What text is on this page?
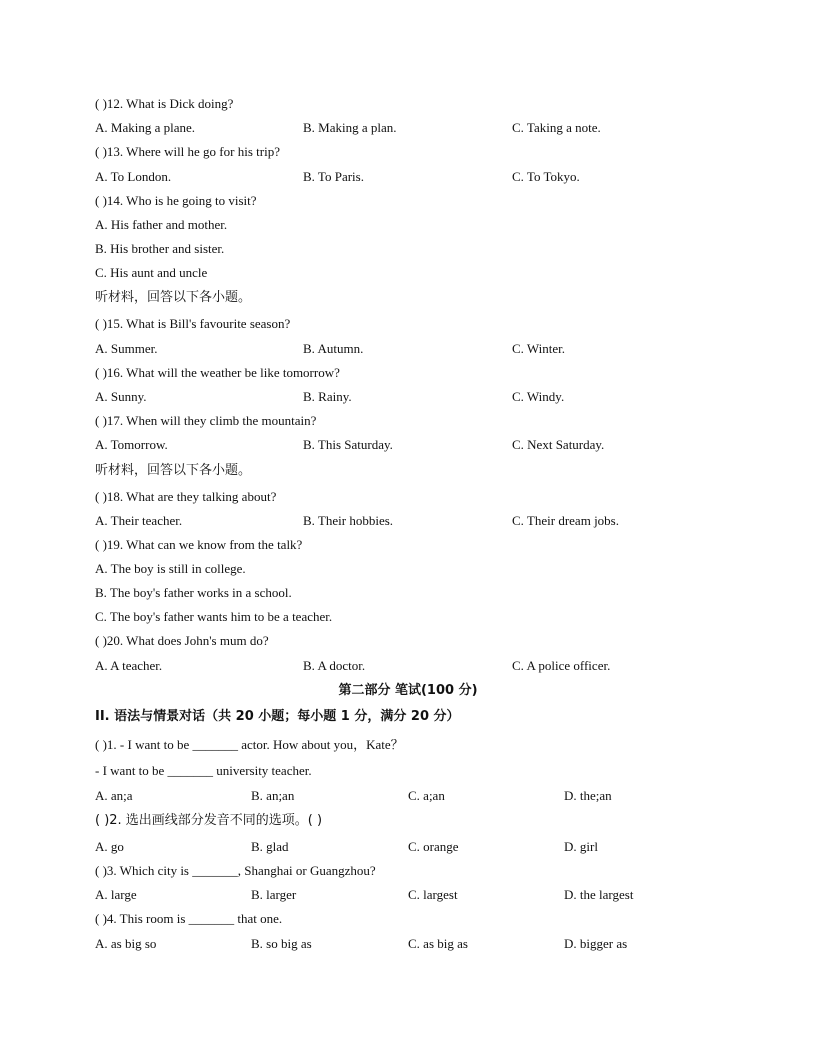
( )12. What is Dick doing?
A. Making a plane.	B. Making a plan.	C. Taking a note.
( )13. Where will he go for his trip?
A. To London.	B. To Paris.	C. To Tokyo.
( )14. Who is he going to visit?
A. His father and mother.
B. His brother and sister.
C. His aunt and uncle
听材料，回答以下各小题。
( )15. What is Bill's favourite season?
A. Summer.	B. Autumn.	C. Winter.
( )16. What will the weather be like tomorrow?
A. Sunny.	B. Rainy.	C. Windy.
( )17. When will they climb the mountain?
A. Tomorrow.	B. This Saturday.	C. Next Saturday.
听材料，回答以下各小题。
( )18. What are they talking about?
A. Their teacher.	B. Their hobbies.	C. Their dream jobs.
( )19. What can we know from the talk?
A. The boy is still in college.
B. The boy's father works in a school.
C. The boy's father wants him to be a teacher.
( )20. What does John's mum do?
A. A teacher.	B. A doctor.	C. A police officer.
第二部分 笔试(100 分)
II. 语法与情景对话（共 20 小题；每小题 1 分，满分 20 分）
( )1. - I want to be _______ actor. How about you，Kate？
- I want to be _______ university teacher.
A. an;a	B. an;an	C. a;an	D. the;an
( )2. 选出画线部分发音不同的选项。( )
A. go	B. glad	C. orange	D. girl
( )3. Which city is _______, Shanghai or Guangzhou?
A. large	B. larger	C. largest	D. the largest
( )4. This room is _______ that one.
A. as big so	B. so big as	C. as big as	D. bigger as
